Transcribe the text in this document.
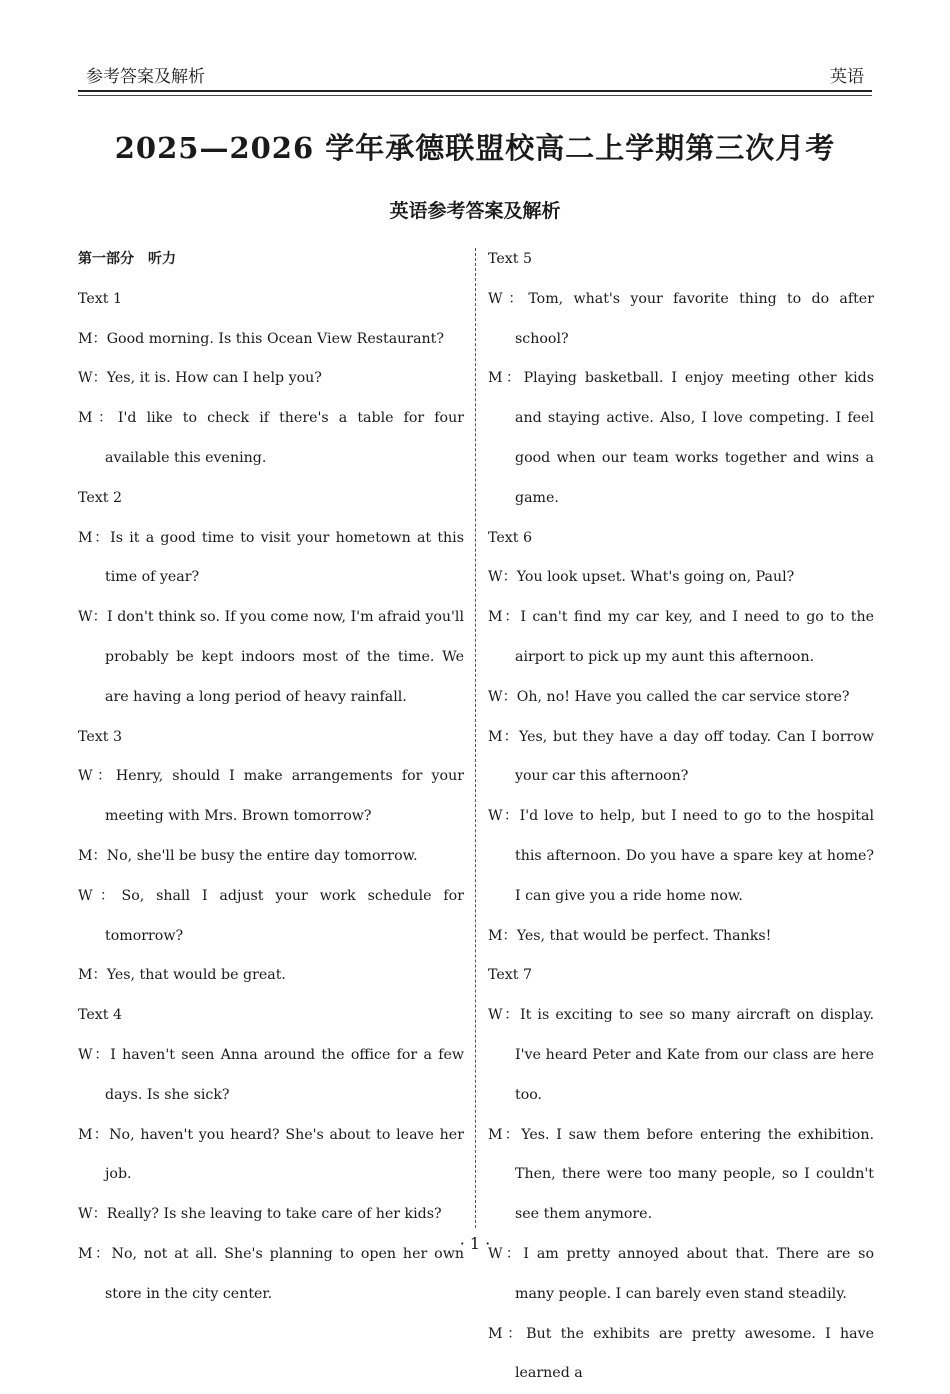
参考答案及解析	英语
2025—2026 学年承德联盟校高二上学期第三次月考
英语参考答案及解析
第一部分　听力
Text 1
M：Good morning. Is this Ocean View Restaurant?
W：Yes, it is. How can I help you?
M：I'd like to check if there's a table for four available this evening.
Text 2
M：Is it a good time to visit your hometown at this time of year?
W：I don't think so. If you come now, I'm afraid you'll probably be kept indoors most of the time. We are having a long period of heavy rainfall.
Text 3
W：Henry, should I make arrangements for your meeting with Mrs. Brown tomorrow?
M：No, she'll be busy the entire day tomorrow.
W：So, shall I adjust your work schedule for tomorrow?
M：Yes, that would be great.
Text 4
W：I haven't seen Anna around the office for a few days. Is she sick?
M：No, haven't you heard? She's about to leave her job.
W：Really? Is she leaving to take care of her kids?
M：No, not at all. She's planning to open her own store in the city center.
Text 5
W：Tom, what's your favorite thing to do after school?
M：Playing basketball. I enjoy meeting other kids and staying active. Also, I love competing. I feel good when our team works together and wins a game.
Text 6
W：You look upset. What's going on, Paul?
M：I can't find my car key, and I need to go to the airport to pick up my aunt this afternoon.
W：Oh, no! Have you called the car service store?
M：Yes, but they have a day off today. Can I borrow your car this afternoon?
W：I'd love to help, but I need to go to the hospital this afternoon. Do you have a spare key at home? I can give you a ride home now.
M：Yes, that would be perfect. Thanks!
Text 7
W：It is exciting to see so many aircraft on display. I've heard Peter and Kate from our class are here too.
M：Yes. I saw them before entering the exhibition. Then, there were too many people, so I couldn't see them anymore.
W：I am pretty annoyed about that. There are so many people. I can barely even stand steadily.
M：But the exhibits are pretty awesome. I have learned a
· 1 ·
